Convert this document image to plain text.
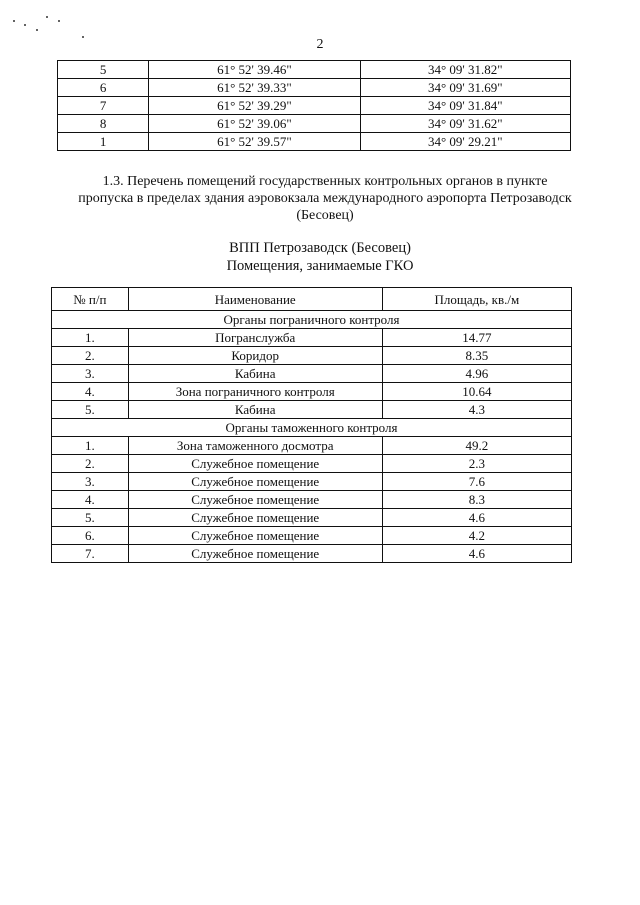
2
5	61° 52' 39.46"	34° 09' 31.82"
6	61° 52' 39.33"	34° 09' 31.69"
7	61° 52' 39.29"	34° 09' 31.84"
8	61° 52' 39.06"	34° 09' 31.62"
1	61° 52' 39.57"	34° 09' 29.21"
1.3. Перечень помещений государственных контрольных органов в пункте пропуска в пределах здания аэровокзала международного аэропорта Петрозаводск (Бесовец)
ВПП Петрозаводск (Бесовец)
Помещения, занимаемые ГКО
№ п/п	Наименование	Площадь, кв./м
Органы пограничного контроля		
1.	Погранслужба	14.77
2.	Коридор	8.35
3.	Кабина	4.96
4.	Зона пограничного контроля	10.64
5.	Кабина	4.3
Органы таможенного контроля		
1.	Зона таможенного досмотра	49.2
2.	Служебное помещение	2.3
3.	Служебное помещение	7.6
4.	Служебное помещение	8.3
5.	Служебное помещение	4.6
6.	Служебное помещение	4.2
7.	Служебное помещение	4.6
